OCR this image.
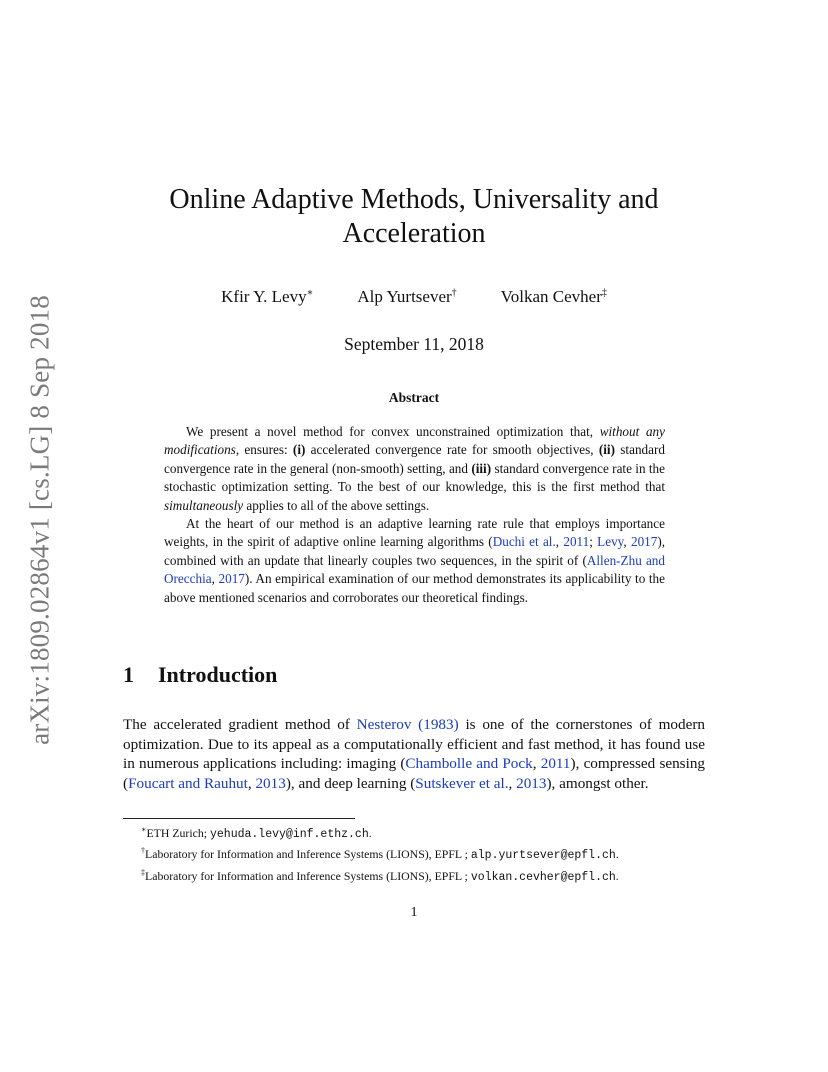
arXiv:1809.02864v1 [cs.LG] 8 Sep 2018
Online Adaptive Methods, Universality and Acceleration
Kfir Y. Levy∗	Alp Yurtsever†	Volkan Cevher‡
September 11, 2018
Abstract

We present a novel method for convex unconstrained optimization that, without any modifications, ensures: (i) accelerated convergence rate for smooth objectives, (ii) standard convergence rate in the general (non-smooth) setting, and (iii) standard convergence rate in the stochastic optimization setting. To the best of our knowledge, this is the first method that simultaneously applies to all of the above settings.

At the heart of our method is an adaptive learning rate rule that employs importance weights, in the spirit of adaptive online learning algorithms (Duchi et al., 2011; Levy, 2017), combined with an update that linearly couples two sequences, in the spirit of (Allen-Zhu and Orecchia, 2017). An empirical examination of our method demonstrates its applicability to the above mentioned scenarios and corroborates our theoretical findings.

1 Introduction

The accelerated gradient method of Nesterov (1983) is one of the cornerstones of modern optimization. Due to its appeal as a computationally efficient and fast method, it has found use in numerous applications including: imaging (Chambolle and Pock, 2011), compressed sensing (Foucart and Rauhut, 2013), and deep learning (Sutskever et al., 2013), amongst other.

∗ETH Zurich; yehuda.levy@inf.ethz.ch.
†Laboratory for Information and Inference Systems (LIONS), EPFL ; alp.yurtsever@epfl.ch.
‡Laboratory for Information and Inference Systems (LIONS), EPFL ; volkan.cevher@epfl.ch.
1
